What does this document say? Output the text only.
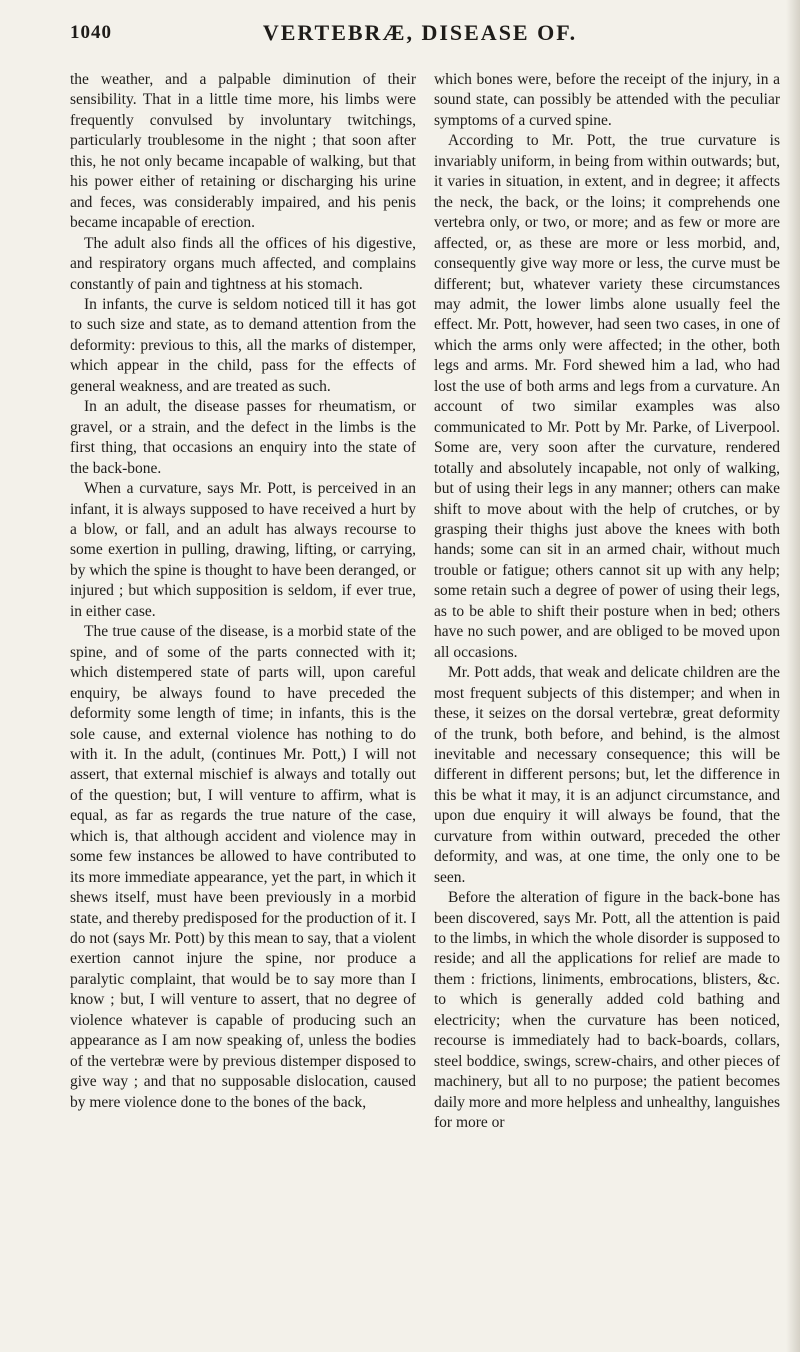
1040	VERTEBRÆ, DISEASE OF.

the weather, and a palpable diminution of their sensibility. That in a little time more, his limbs were frequently convulsed by involuntary twitchings, particularly troublesome in the night ; that soon after this, he not only became incapable of walking, but that his power either of retaining or discharging his urine and feces, was considerably impaired, and his penis became incapable of erection.

The adult also finds all the offices of his digestive, and respiratory organs much affected, and complains constantly of pain and tightness at his stomach.

In infants, the curve is seldom noticed till it has got to such size and state, as to demand attention from the deformity: previous to this, all the marks of distemper, which appear in the child, pass for the effects of general weakness, and are treated as such.

In an adult, the disease passes for rheumatism, or gravel, or a strain, and the defect in the limbs is the first thing, that occasions an enquiry into the state of the back-bone.

When a curvature, says Mr. Pott, is perceived in an infant, it is always supposed to have received a hurt by a blow, or fall, and an adult has always recourse to some exertion in pulling, drawing, lifting, or carrying, by which the spine is thought to have been deranged, or injured ; but which supposition is seldom, if ever true, in either case.

The true cause of the disease, is a morbid state of the spine, and of some of the parts connected with it; which distempered state of parts will, upon careful enquiry, be always found to have preceded the deformity some length of time; in infants, this is the sole cause, and external violence has nothing to do with it. In the adult, (continues Mr. Pott,) I will not assert, that external mischief is always and totally out of the question; but, I will venture to affirm, what is equal, as far as regards the true nature of the case, which is, that although accident and violence may in some few instances be allowed to have contributed to its more immediate appearance, yet the part, in which it shews itself, must have been previously in a morbid state, and thereby predisposed for the production of it. I do not (says Mr. Pott) by this mean to say, that a violent exertion cannot injure the spine, nor produce a paralytic complaint, that would be to say more than I know ; but, I will venture to assert, that no degree of violence whatever is capable of producing such an appearance as I am now speaking of, unless the bodies of the vertebræ were by previous distemper disposed to give way ; and that no supposable dislocation, caused by mere violence done to the bones of the back,

which bones were, before the receipt of the injury, in a sound state, can possibly be attended with the peculiar symptoms of a curved spine.

According to Mr. Pott, the true curvature is invariably uniform, in being from within outwards; but, it varies in situation, in extent, and in degree; it affects the neck, the back, or the loins; it comprehends one vertebra only, or two, or more; and as few or more are affected, or, as these are more or less morbid, and, consequently give way more or less, the curve must be different; but, whatever variety these circumstances may admit, the lower limbs alone usually feel the effect. Mr. Pott, however, had seen two cases, in one of which the arms only were affected; in the other, both legs and arms. Mr. Ford shewed him a lad, who had lost the use of both arms and legs from a curvature. An account of two similar examples was also communicated to Mr. Pott by Mr. Parke, of Liverpool. Some are, very soon after the curvature, rendered totally and absolutely incapable, not only of walking, but of using their legs in any manner; others can make shift to move about with the help of crutches, or by grasping their thighs just above the knees with both hands; some can sit in an armed chair, without much trouble or fatigue; others cannot sit up with any help; some retain such a degree of power of using their legs, as to be able to shift their posture when in bed; others have no such power, and are obliged to be moved upon all occasions.

Mr. Pott adds, that weak and delicate children are the most frequent subjects of this distemper; and when in these, it seizes on the dorsal vertebræ, great deformity of the trunk, both before, and behind, is the almost inevitable and necessary consequence; this will be different in different persons; but, let the difference in this be what it may, it is an adjunct circumstance, and upon due enquiry it will always be found, that the curvature from within outward, preceded the other deformity, and was, at one time, the only one to be seen.

Before the alteration of figure in the back-bone has been discovered, says Mr. Pott, all the attention is paid to the limbs, in which the whole disorder is supposed to reside; and all the applications for relief are made to them : frictions, liniments, embrocations, blisters, &c. to which is generally added cold bathing and electricity; when the curvature has been noticed, recourse is immediately had to back-boards, collars, steel boddice, swings, screw-chairs, and other pieces of machinery, but all to no purpose; the patient becomes daily more and more helpless and unhealthy, languishes for more or
